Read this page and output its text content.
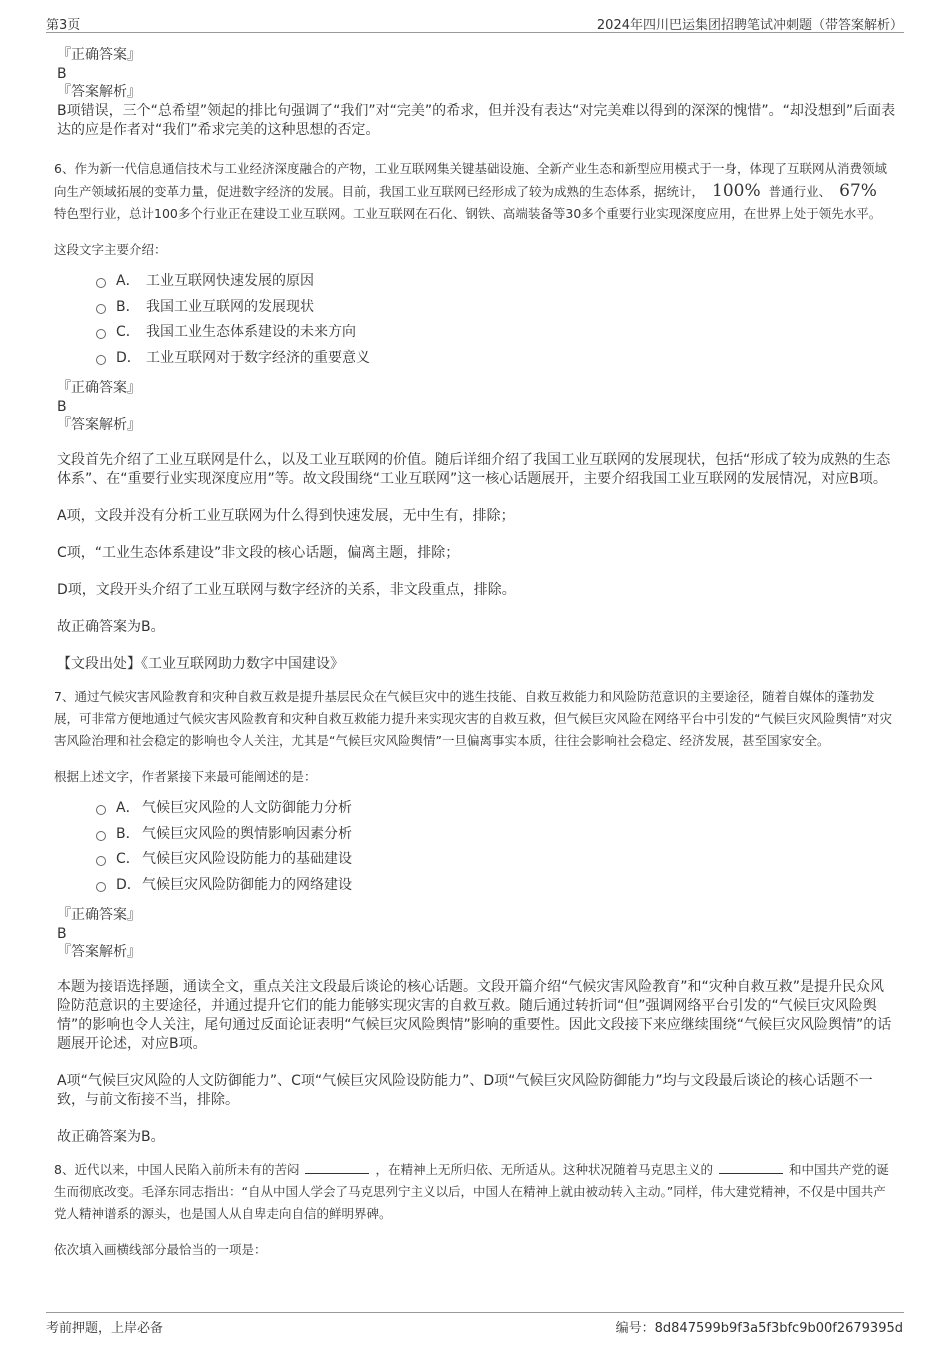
第3页	2024年四川巴运集团招聘笔试冲刺题（带答案解析）
『正确答案』
B
『答案解析』
B项错误，三个“总希望”领起的排比句强调了“我们”对“完美”的希求，但并没有表达“对完美难以得到的深深的愧惜”。“却没想到”后面表达的应是作者对“我们”希求完美的这种思想的否定。
6、作为新一代信息通信技术与工业经济深度融合的产物，工业互联网集关键基础设施、全新产业生态和新型应用模式于一身，体现了互联网从消费领域向生产领域拓展的变革力量，促进数字经济的发展。目前，我国工业互联网已经形成了较为成熟的生态体系，据统计， 100% 普通行业、 67%特色型行业，总计100多个行业正在建设工业互联网。工业互联网在石化、钢铁、高端装备等30多个重要行业实现深度应用，在世界上处于领先水平。
这段文字主要介绍：
A． 工业互联网快速发展的原因
B． 我国工业互联网的发展现状
C． 我国工业生态体系建设的未来方向
D． 工业互联网对于数字经济的重要意义
『正确答案』
B
『答案解析』
文段首先介绍了工业互联网是什么，以及工业互联网的价值。随后详细介绍了我国工业互联网的发展现状，包括“形成了较为成熟的生态体系”、在“重要行业实现深度应用”等。故文段围绕“工业互联网”这一核心话题展开，主要介绍我国工业互联网的发展情况，对应B项。
A项，文段并没有分析工业互联网为什么得到快速发展，无中生有，排除；
C项，“工业生态体系建设”非文段的核心话题，偏离主题，排除；
D项，文段开头介绍了工业互联网与数字经济的关系，非文段重点，排除。
故正确答案为B。
【文段出处】《工业互联网助力数字中国建设》
7、通过气候灾害风险教育和灾种自救互救是提升基层民众在气候巨灾中的逃生技能、自救互救能力和风险防范意识的主要途径，随着自媒体的蓬勃发展，可非常方便地通过气候灾害风险教育和灾种自救互救能力提升来实现灾害的自救互救，但气候巨灾风险在网络平台中引发的“气候巨灾风险舆情”对灾害风险治理和社会稳定的影响也令人关注，尤其是“气候巨灾风险舆情”一旦偏离事实本质，往往会影响社会稳定、经济发展，甚至国家安全。
根据上述文字，作者紧接下来最可能阐述的是：
A． 气候巨灾风险的人文防御能力分析
B． 气候巨灾风险的舆情影响因素分析
C． 气候巨灾风险设防能力的基础建设
D．气候巨灾风险防御能力的网络建设
『正确答案』
B
『答案解析』
本题为接语选择题，通读全文，重点关注文段最后谈论的核心话题。文段开篇介绍“气候灾害风险教育”和“灾种自救互救”是提升民众风险防范意识的主要途径，并通过提升它们的能力能够实现灾害的自救互救。随后通过转折词“但”强调网络平台引发的“气候巨灾风险舆情”的影响也令人关注，尾句通过反面论证表明“气候巨灾风险舆情”影响的重要性。因此文段接下来应继续围绕“气候巨灾风险舆情”的话题展开论述，对应B项。
A项“气候巨灾风险的人文防御能力”、C项“气候巨灾风险设防能力”、D项“气候巨灾风险防御能力”均与文段最后谈论的核心话题不一致，与前文衔接不当，排除。
故正确答案为B。
8、近代以来，中国人民陷入前所未有的苦闷	，在精神上无所归依、无所适从。这种状况随着马克思主义的	和中国共产党的诞生而彻底改变。毛泽东同志指出：“自从中国人学会了马克思列宁主义以后，中国人在精神上就由被动转入主动。”同样，伟大建党精神，不仅是中国共产党人精神谱系的源头，也是国人从自卑走向自信的鲜明界碑。
依次填入画横线部分最恰当的一项是：
考前押题，上岸必备	编号：8d847599b9f3a5f3bfc9b00f2679395d
